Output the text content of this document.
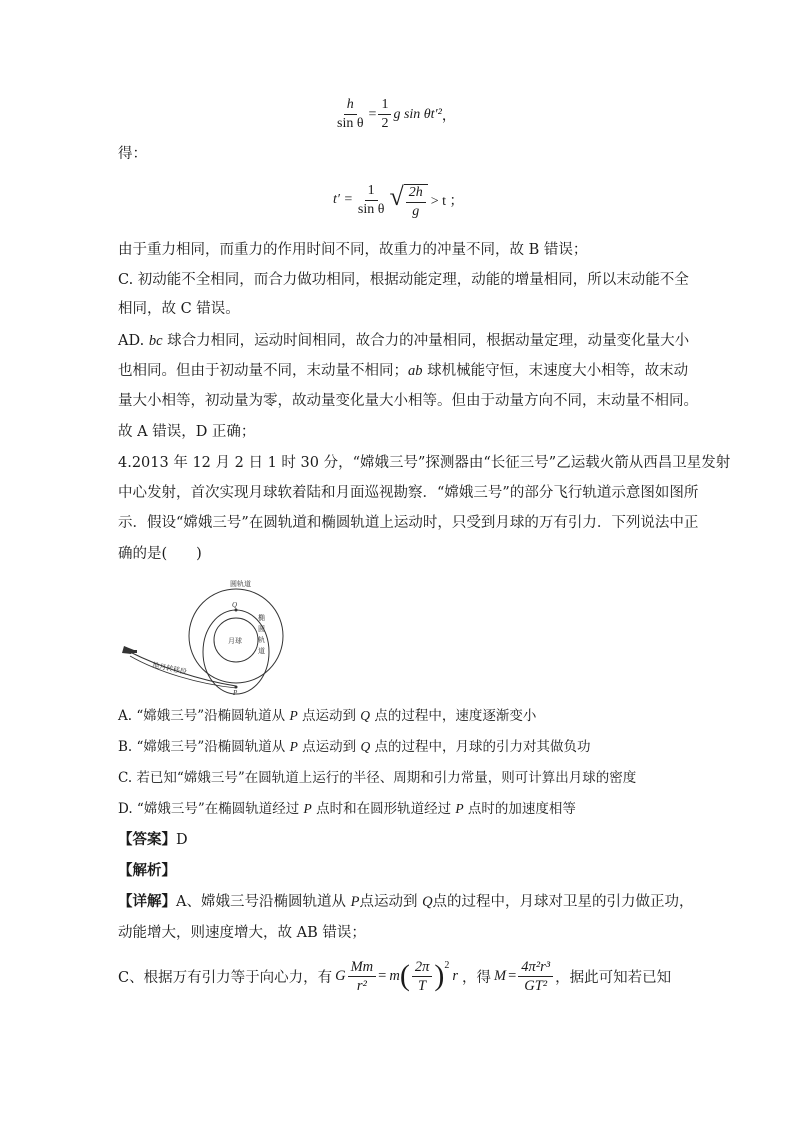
$\frac{h}{\text{sin θ}} = \frac{1}{2}$ g sin θt′² ，
得：
$t' = \frac{1}{\text{sin θ}}$ √ $\frac{2h}{g} > t$ ；
由于重力相同，而重力的作用时间不同，故重力的冲量不同，故 B 错误；
C. 初动能不全相同，而合力做功相同，根据动能定理，动能的增量相同，所以末动能不全
相同，故 C 错误。
AD. bc 球合力相同，运动时间相同，故合力的冲量相同，根据动量定理，动量变化量大小
也相同。但由于初动量不同，末动量不相同；ab 球机械能守恒，末速度大小相等，故末动
量大小相等，初动量为零，故动量变化量大小相等。但由于动量方向不同，末动量不相同。
故 A 错误，D 正确；
4.2013 年 12 月 2 日 1 时 30 分，“嫦娥三号”探测器由“长征三号”乙运载火箭从西昌卫星发射
中心发射，首次实现月球软着陆和月面巡视勘察．“嫦娥三号”的部分飞行轨道示意图如图所
示．假设“嫦娥三号”在圆轨道和椭圆轨道上运动时，只受到月球的万有引力．下列说法中正
确的是(　　)
圆轨道
Q
月球
椭
圆
轨
道
地月转移段
P
A. “嫦娥三号”沿椭圆轨道从 P 点运动到 Q 点的过程中，速度逐渐变小
B. “嫦娥三号”沿椭圆轨道从 P 点运动到 Q 点的过程中，月球的引力对其做负功
C. 若已知“嫦娥三号”在圆轨道上运行的半径、周期和引力常量，则可计算出月球的密度
D. “嫦娥三号”在椭圆轨道经过 P 点时和在圆形轨道经过 P 点时的加速度相等
【答案】D
【解析】
【详解】A、嫦娥三号沿椭圆轨道从 P点运动到 Q点的过程中，月球对卫星的引力做正功，
动能增大，则速度增大，故 AB 错误；
C、根据万有引力等于向心力，有 G $\frac{Mm}{\text{r²}} = m$ ( $\frac{2\pi}{T}$ ) 2
r ，得 $M = \frac{\text{4π²r³}}{\text{GT²}}$ ，据此可知若已知
